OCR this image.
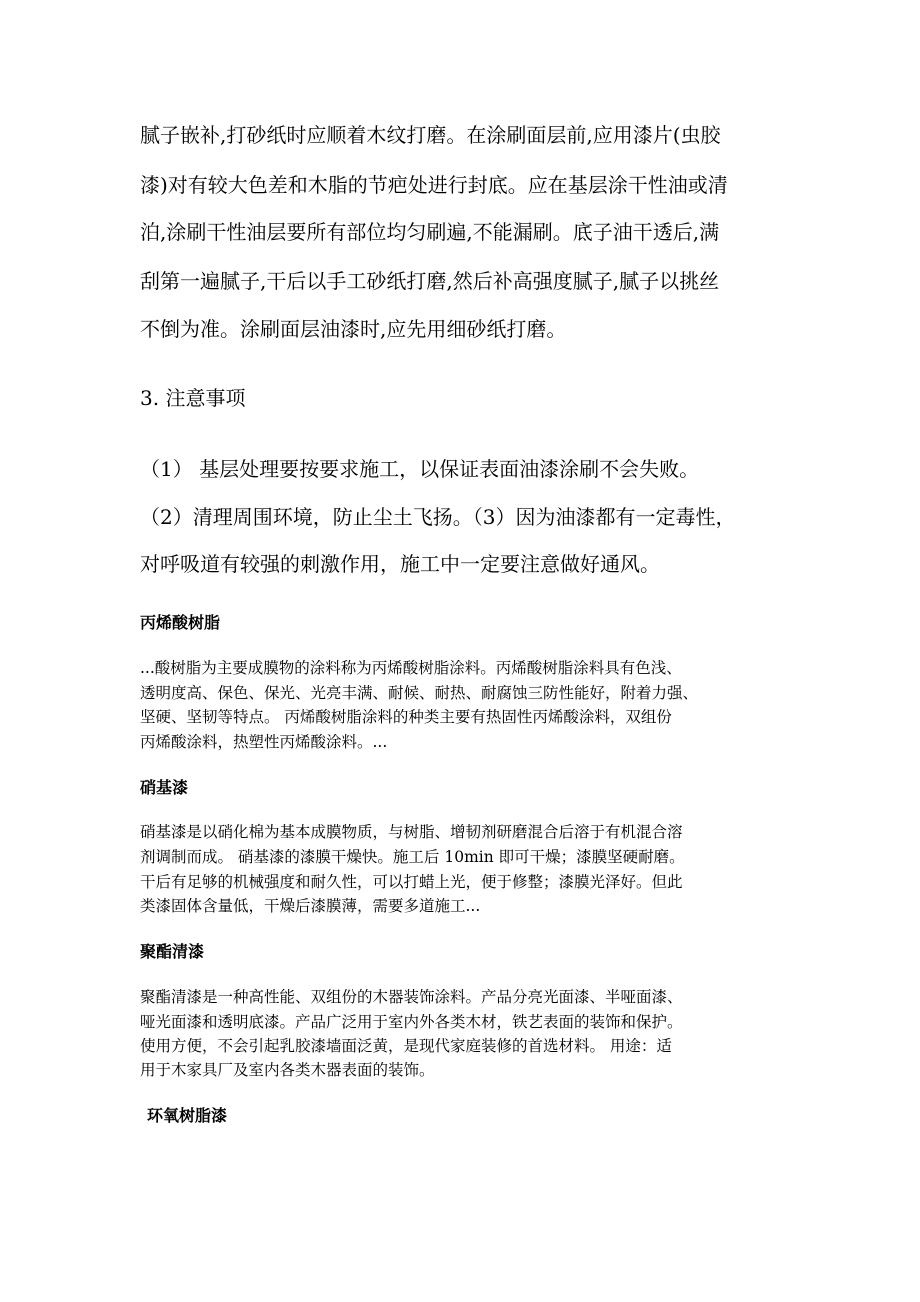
腻子嵌补,打砂纸时应顺着木纹打磨。在涂刷面层前,应用漆片(虫胶
漆)对有较大色差和木脂的节疤处进行封底。应在基层涂干性油或清
泊,涂刷干性油层要所有部位均匀刷遍,不能漏刷。底子油干透后,满
刮第一遍腻子,干后以手工砂纸打磨,然后补高强度腻子,腻子以挑丝
不倒为准。涂刷面层油漆时,应先用细砂纸打磨。
3. 注意事项
（1） 基层处理要按要求施工，以保证表面油漆涂刷不会失败。
（2）清理周围环境，防止尘土飞扬。（3）因为油漆都有一定毒性，
对呼吸道有较强的刺激作用，施工中一定要注意做好通风。
丙烯酸树脂
...酸树脂为主要成膜物的涂料称为丙烯酸树脂涂料。丙烯酸树脂涂料具有色浅、
透明度高、保色、保光、光亮丰满、耐候、耐热、耐腐蚀三防性能好，附着力强、
坚硬、坚韧等特点。 丙烯酸树脂涂料的种类主要有热固性丙烯酸涂料，双组份
丙烯酸涂料，热塑性丙烯酸涂料。...
硝基漆
硝基漆是以硝化棉为基本成膜物质，与树脂、增韧剂研磨混合后溶于有机混合溶
剂调制而成。 硝基漆的漆膜干燥快。施工后 10min 即可干燥；漆膜坚硬耐磨。
干后有足够的机械强度和耐久性，可以打蜡上光，便于修整；漆膜光泽好。但此
类漆固体含量低，干燥后漆膜薄，需要多道施工...
聚酯清漆
聚酯清漆是一种高性能、双组份的木器装饰涂料。产品分亮光面漆、半哑面漆、
哑光面漆和透明底漆。产品广泛用于室内外各类木材，铁艺表面的装饰和保护。
使用方便，不会引起乳胶漆墙面泛黄，是现代家庭装修的首选材料。 用途：适
用于木家具厂及室内各类木器表面的装饰。
环氧树脂漆
